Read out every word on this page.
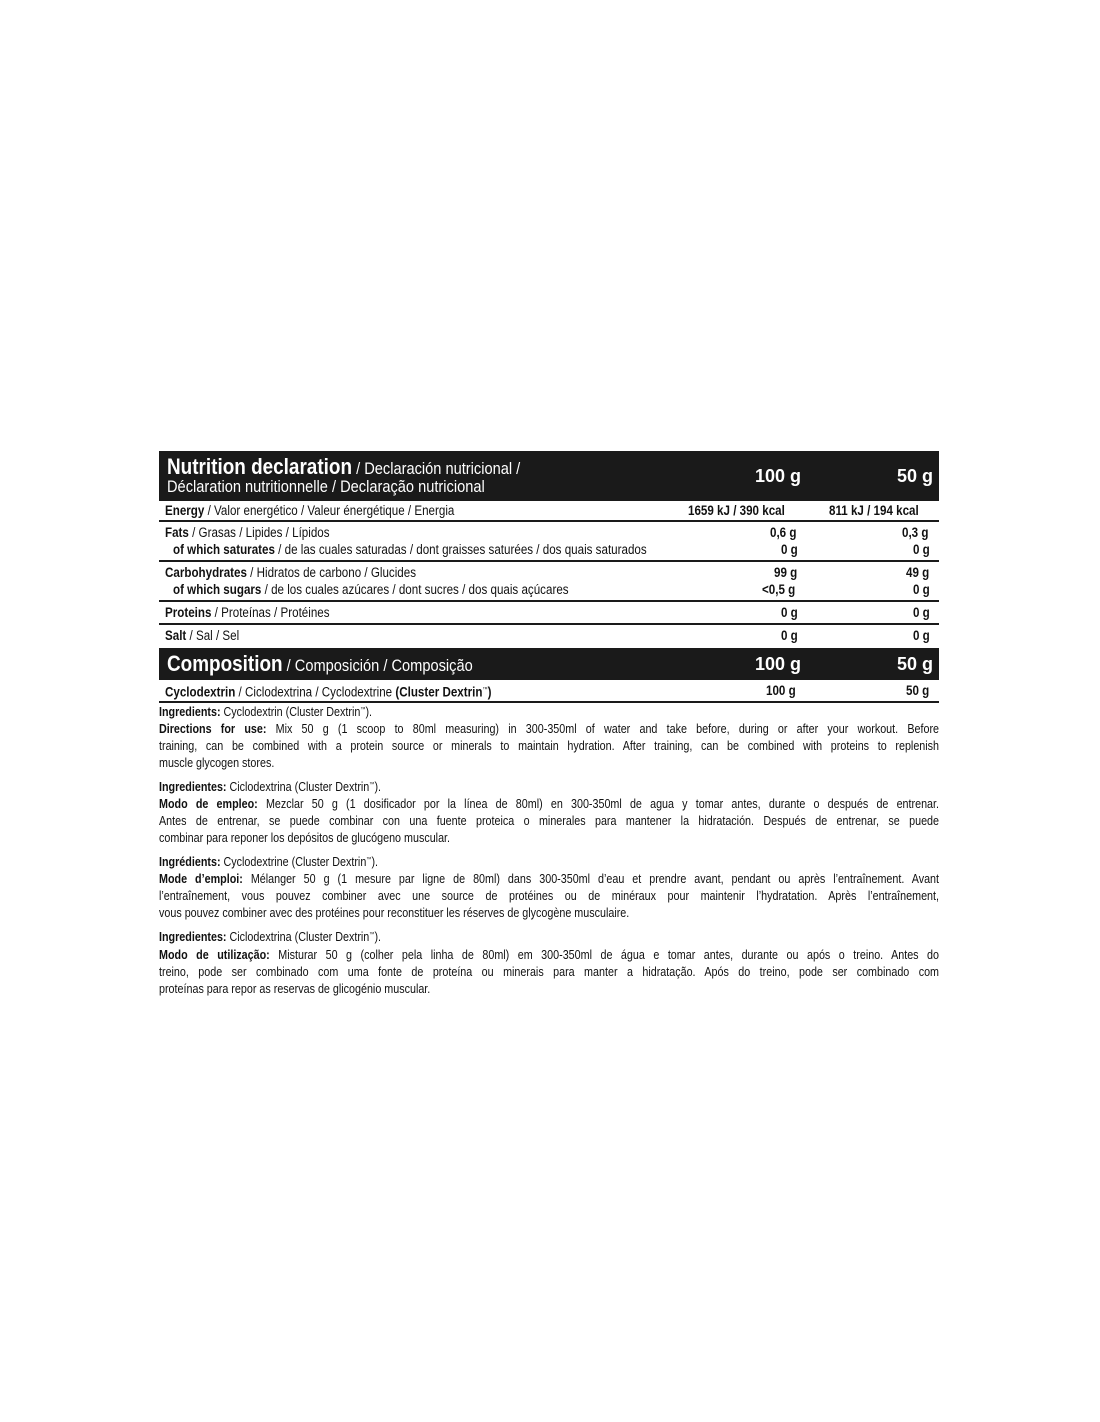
Nutrition declaration / Declaración nutricional /
Déclaration nutritionnelle / Declaração nutricional
100 g	50 g
Energy / Valor energético / Valeur énergétique / Energia	1659 kJ / 390 kcal	811 kJ / 194 kcal
Fats / Grasas / Lipides / Lípidos	0,6 g	0,3 g
of which saturates / de las cuales saturadas / dont graisses saturées / dos quais saturados	0 g	0 g
Carbohydrates / Hidratos de carbono / Glucides	99 g	49 g
of which sugars / de los cuales azúcares / dont sucres / dos quais açúcares	<0,5 g	0 g
Proteins / Proteínas / Protéines	0 g	0 g
Salt / Sal / Sel	0 g	0 g
Composition / Composición / Composição	100 g	50 g
Cyclodextrin / Ciclodextrina / Cyclodextrine (Cluster Dextrin™)	100 g	50 g
Ingredients: Cyclodextrin (Cluster Dextrin™).
Directions for use: Mix 50 g (1 scoop to 80ml measuring) in 300-350ml of water and take before, during or after your workout. Before
training, can be combined with a protein source or minerals to maintain hydration. After training, can be combined with proteins to replenish
muscle glycogen stores.
Ingredientes: Ciclodextrina (Cluster Dextrin™).
Modo de empleo: Mezclar 50 g (1 dosificador por la línea de 80ml) en 300-350ml de agua y tomar antes, durante o después de entrenar.
Antes de entrenar, se puede combinar con una fuente proteica o minerales para mantener la hidratación. Después de entrenar, se puede
combinar para reponer los depósitos de glucógeno muscular.
Ingrédients: Cyclodextrine (Cluster Dextrin™).
Mode d’emploi: Mélanger 50 g (1 mesure par ligne de 80ml) dans 300-350ml d’eau et prendre avant, pendant ou après l’entraînement. Avant
l’entraînement, vous pouvez combiner avec une source de protéines ou de minéraux pour maintenir l’hydratation. Après l’entraînement,
vous pouvez combiner avec des protéines pour reconstituer les réserves de glycogène musculaire.
Ingredientes: Ciclodextrina (Cluster Dextrin™).
Modo de utilização: Misturar 50 g (colher pela linha de 80ml) em 300-350ml de água e tomar antes, durante ou após o treino. Antes do
treino, pode ser combinado com uma fonte de proteína ou minerais para manter a hidratação. Após do treino, pode ser combinado com
proteínas para repor as reservas de glicogénio muscular.
